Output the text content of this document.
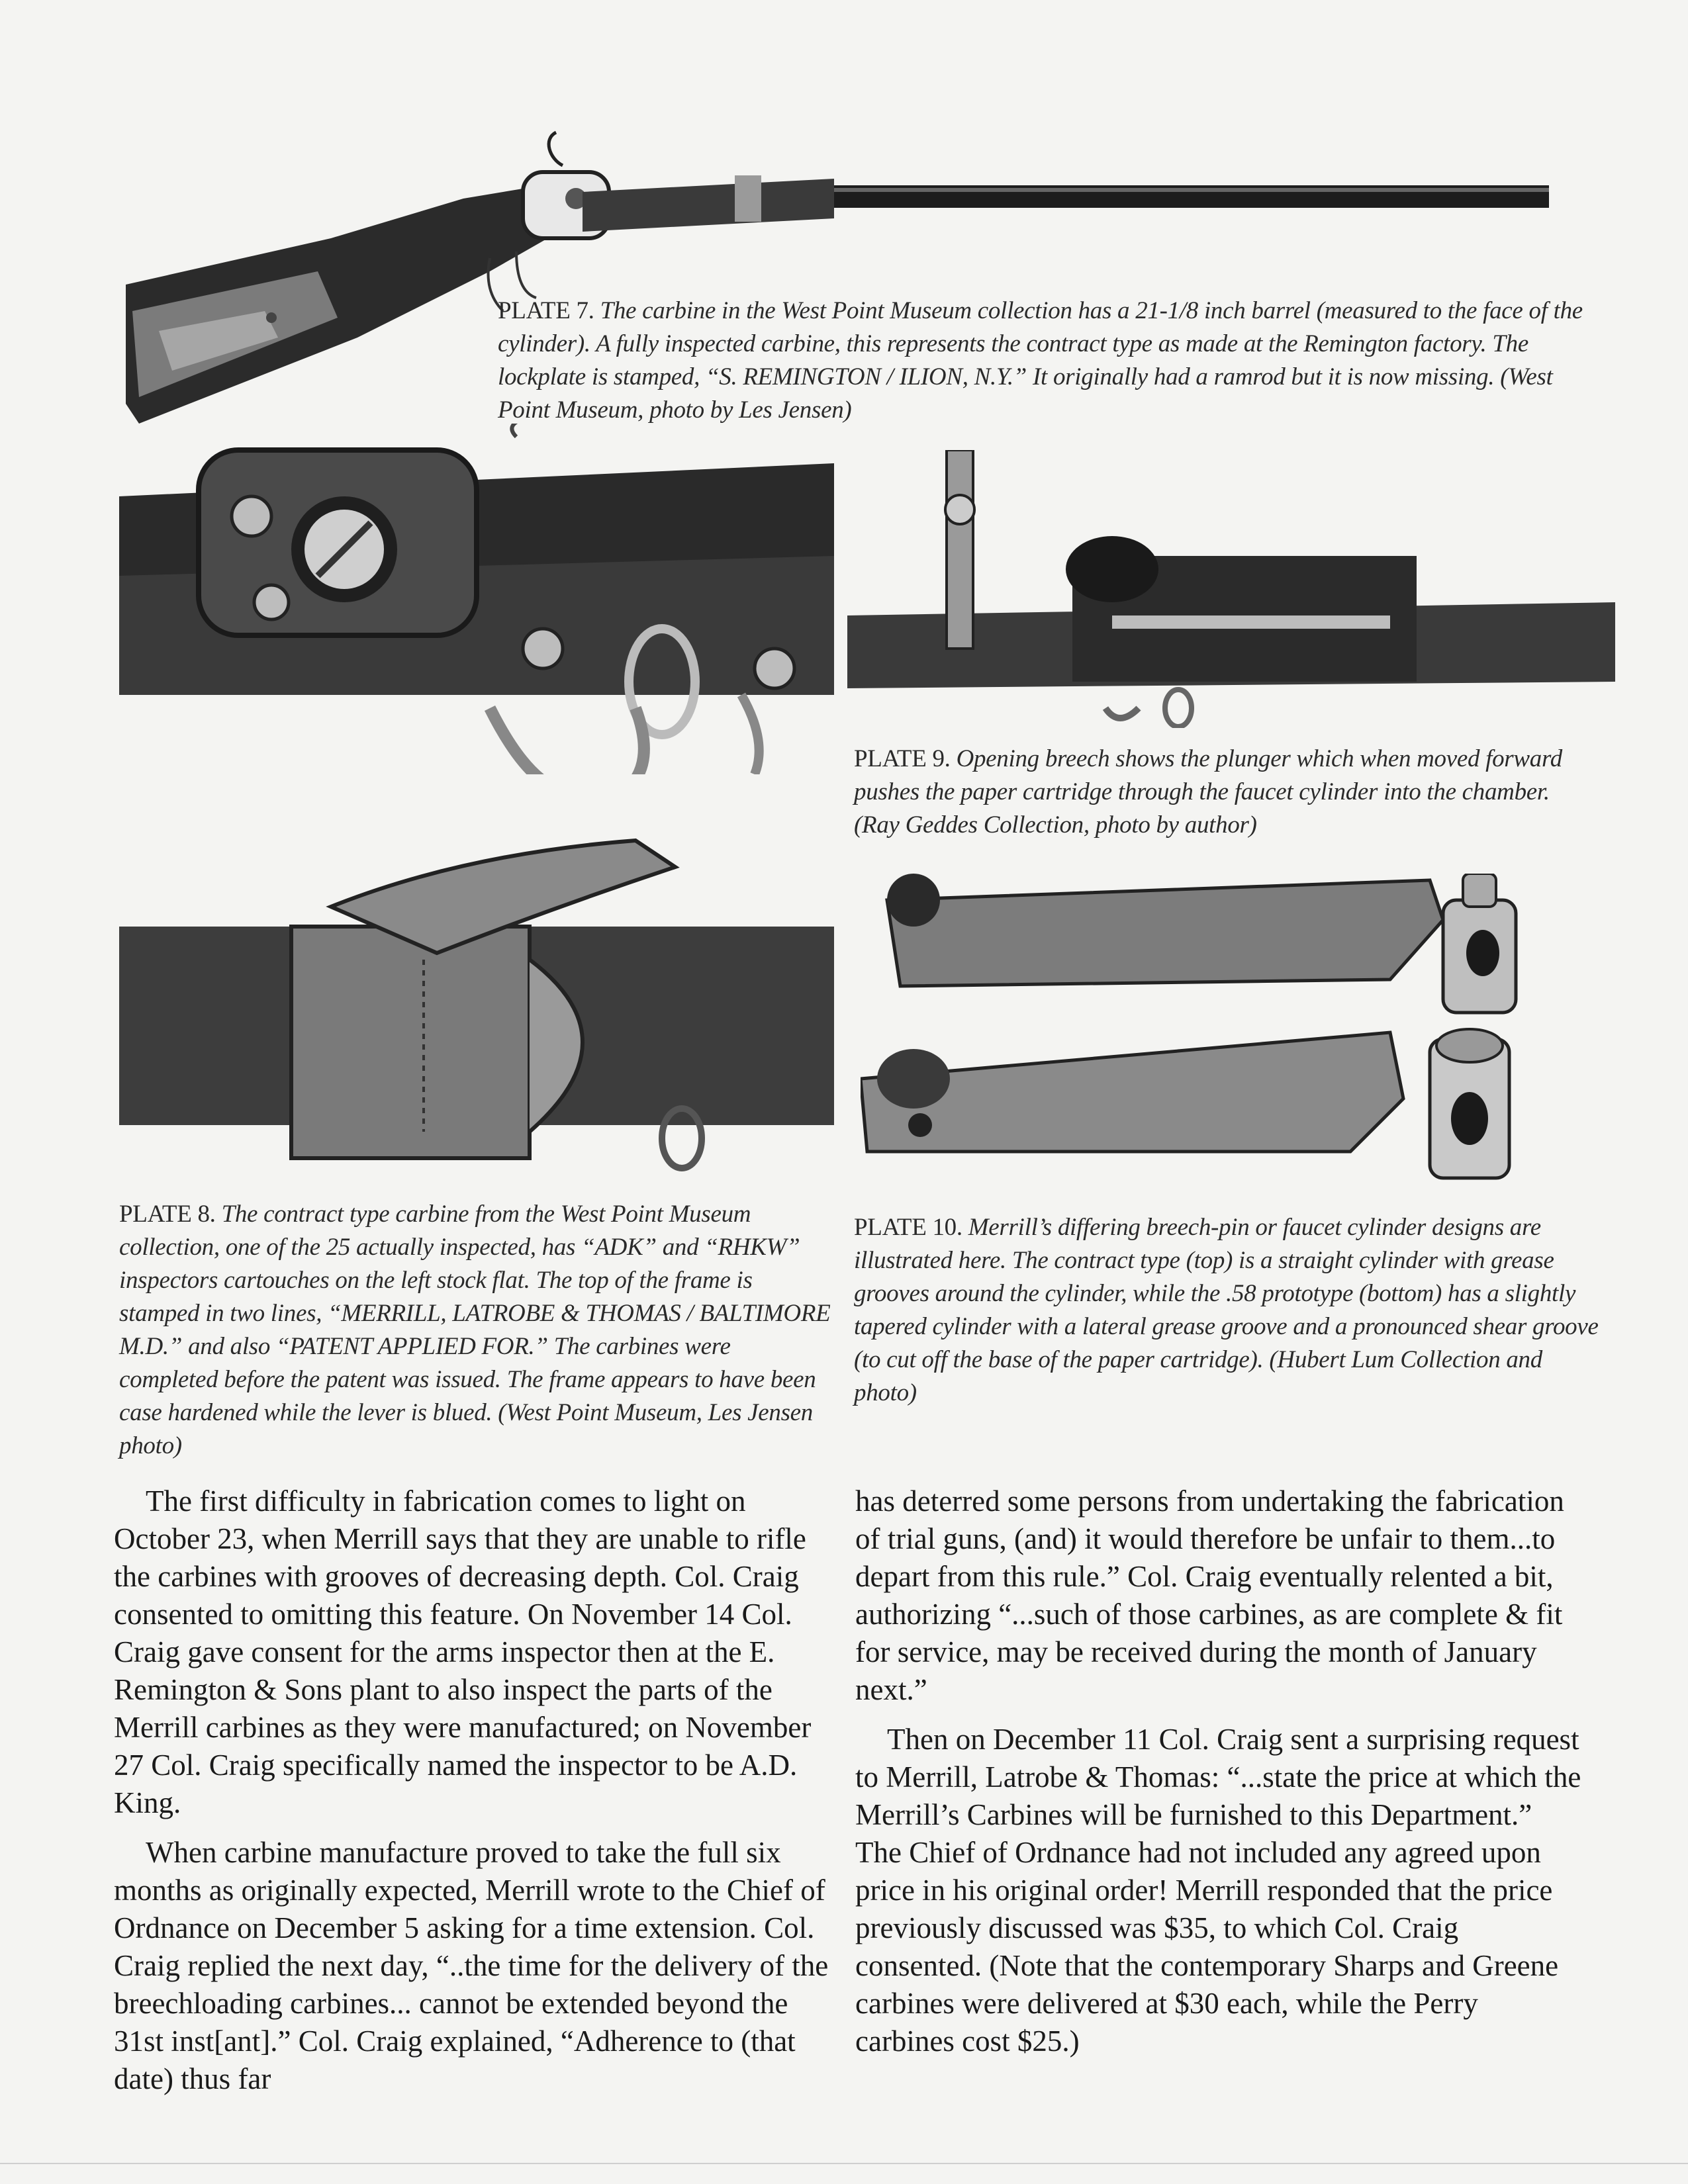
PLATE 7. The carbine in the West Point Museum collection has a 21-1/8 inch barrel (measured to the face of the cylinder). A fully inspected carbine, this represents the contract type as made at the Remington factory. The lockplate is stamped, “S. REMINGTON / ILION, N.Y.” It originally had a ramrod but it is now missing. (West Point Museum, photo by Les Jensen)
PLATE 8. The contract type carbine from the West Point Museum collection, one of the 25 actually inspected, has “ADK” and “RHKW” inspectors cartouches on the left stock flat. The top of the frame is stamped in two lines, “MERRILL, LATROBE & THOMAS / BALTIMORE M.D.” and also “PATENT APPLIED FOR.” The carbines were completed before the patent was issued. The frame appears to have been case hardened while the lever is blued. (West Point Museum, Les Jensen photo)
PLATE 9. Opening breech shows the plunger which when moved forward pushes the paper cartridge through the faucet cylinder into the chamber. (Ray Geddes Collection, photo by author)
PLATE 10. Merrill’s differing breech-pin or faucet cylinder designs are illustrated here. The contract type (top) is a straight cylinder with grease grooves around the cylinder, while the .58 prototype (bottom) has a slightly tapered cylinder with a lateral grease groove and a pronounced shear groove (to cut off the base of the paper cartridge). (Hubert Lum Collection and photo)

The first difficulty in fabrication comes to light on October 23, when Merrill says that they are unable to rifle the carbines with grooves of decreasing depth. Col. Craig consented to omitting this feature. On November 14 Col. Craig gave consent for the arms inspector then at the E. Remington & Sons plant to also inspect the parts of the Merrill carbines as they were manufactured; on November 27 Col. Craig specifically named the inspector to be A.D. King.

When carbine manufacture proved to take the full six months as originally expected, Merrill wrote to the Chief of Ordnance on December 5 asking for a time extension. Col. Craig replied the next day, “..the time for the delivery of the breechloading carbines... cannot be extended beyond the 31st inst[ant].” Col. Craig explained, “Adherence to (that date) thus far

has deterred some persons from undertaking the fabrication of trial guns, (and) it would therefore be unfair to them...to depart from this rule.” Col. Craig eventually relented a bit, authorizing “...such of those carbines, as are complete & fit for service, may be received during the month of January next.”

Then on December 11 Col. Craig sent a surprising request to Merrill, Latrobe & Thomas: “...state the price at which the Merrill’s Carbines will be furnished to this Department.” The Chief of Ordnance had not included any agreed upon price in his original order! Merrill responded that the price previously discussed was $35, to which Col. Craig consented. (Note that the contemporary Sharps and Greene carbines were delivered at $30 each, while the Perry carbines cost $25.)
